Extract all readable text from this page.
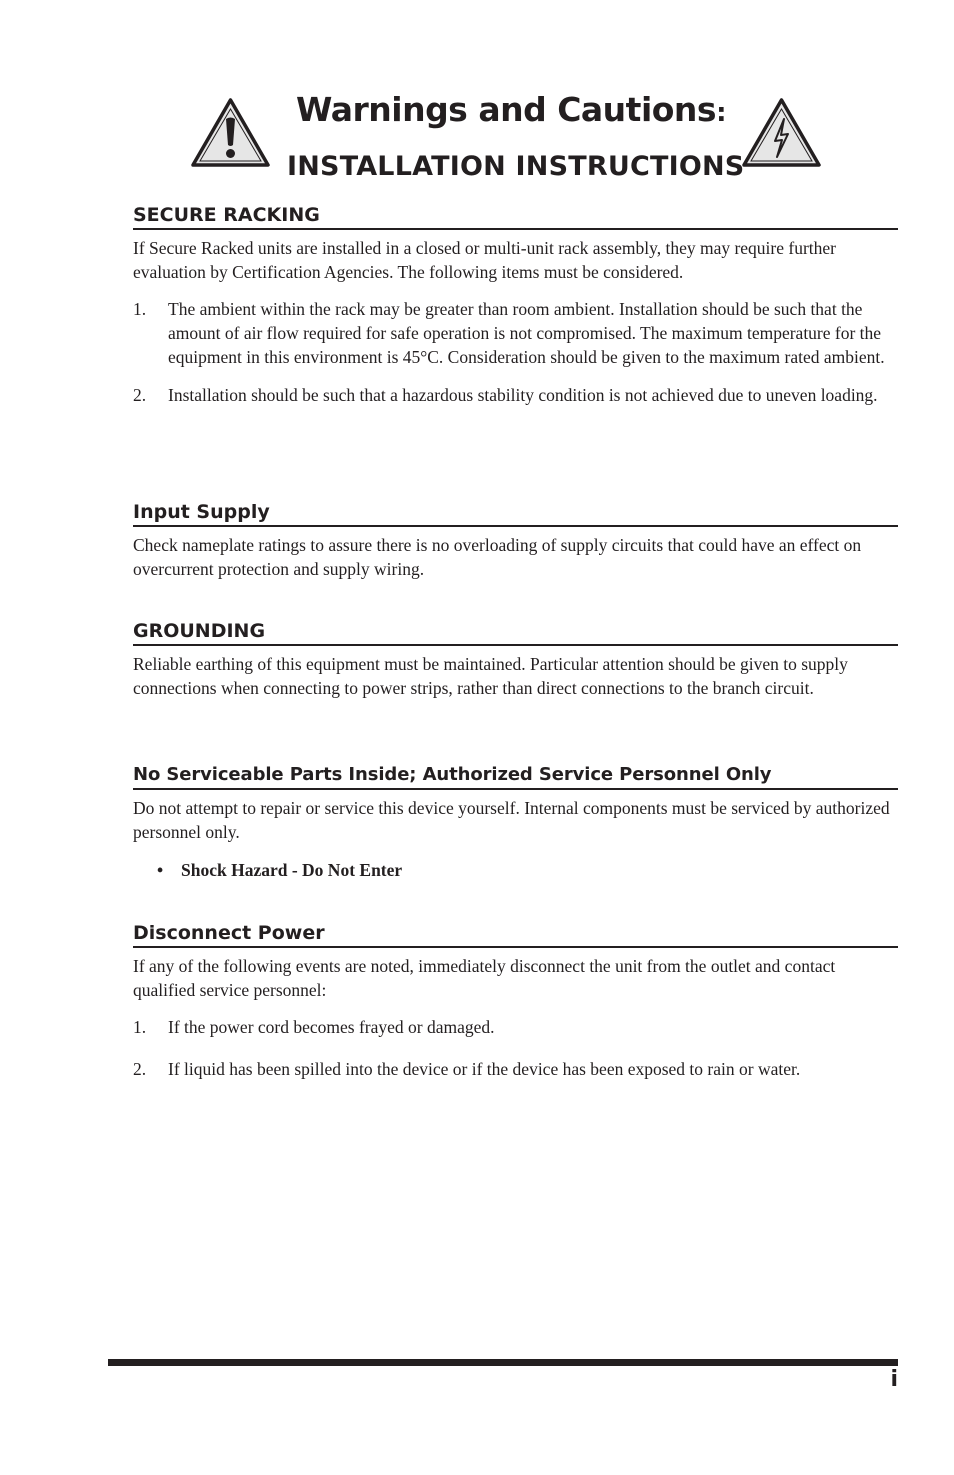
Warnings and Cautions:
INSTALLATION INSTRUCTIONS
SECURE RACKING

If Secure Racked units are installed in a closed or multi-unit rack assembly, they may require further evaluation by Certification Agencies. The following items must be considered.

1. The ambient within the rack may be greater than room ambient. Installation should be such that the amount of air flow required for safe operation is not compromised. The maximum temperature for the equipment in this environment is 45°C. Consideration should be given to the maximum rated ambient.
2. Installation should be such that a hazardous stability condition is not achieved due to uneven loading.
Input Supply

Check nameplate ratings to assure there is no overloading of supply circuits that could have an effect on overcurrent protection and supply wiring.

GROUNDING

Reliable earthing of this equipment must be maintained. Particular attention should be given to supply connections when connecting to power strips, rather than direct connections to the branch circuit.

No Serviceable Parts Inside; Authorized Service Personnel Only

Do not attempt to repair or service this device yourself. Internal components must be serviced by authorized personnel only.

• Shock Hazard - Do Not Enter
Disconnect Power

If any of the following events are noted, immediately disconnect the unit from the outlet and contact qualified service personnel:

1. If the power cord becomes frayed or damaged.
2. If liquid has been spilled into the device or if the device has been exposed to rain or water.
i
